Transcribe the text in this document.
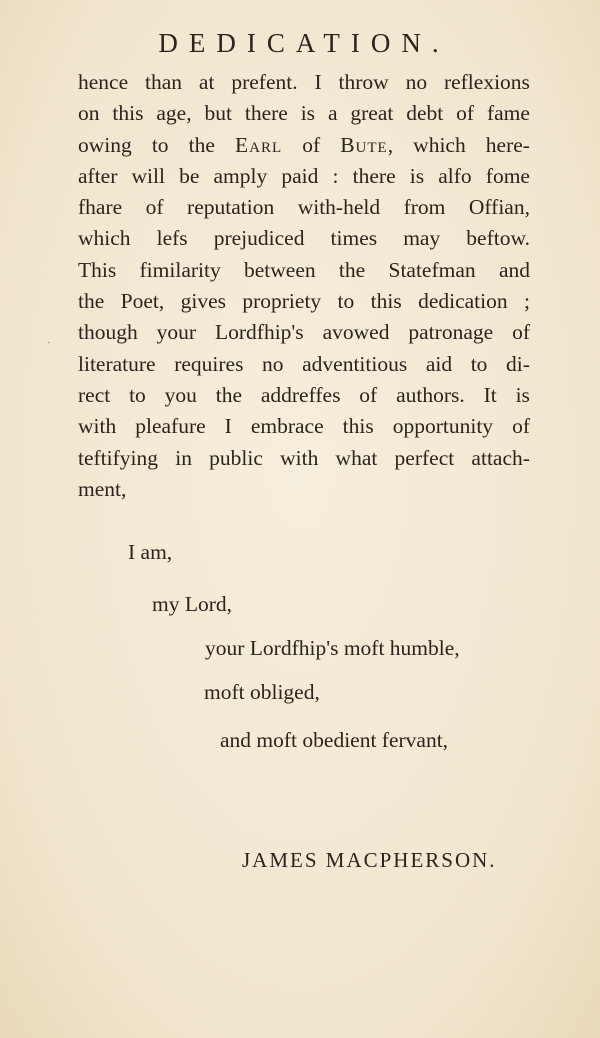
DEDICATION.
hence than at prefent. I throw no reflexions
on this age, but there is a great debt of fame
owing to the Earl of Bute, which here-
after will be amply paid : there is alfo fome
fhare of reputation with-held from Offian,
which lefs prejudiced times may beftow.
This fimilarity between the Statefman and
the Poet, gives propriety to this dedication ;
though your Lordfhip's avowed patronage of
literature requires no adventitious aid to di-
rect to you the addreffes of authors. It is
with pleafure I embrace this opportunity of
teftifying in public with what perfect attach-
ment,
ˎ
I am,
my Lord,
your Lordfhip's moft humble,
moft obliged,
and moft obedient fervant,
JAMES MACPHERSON.
